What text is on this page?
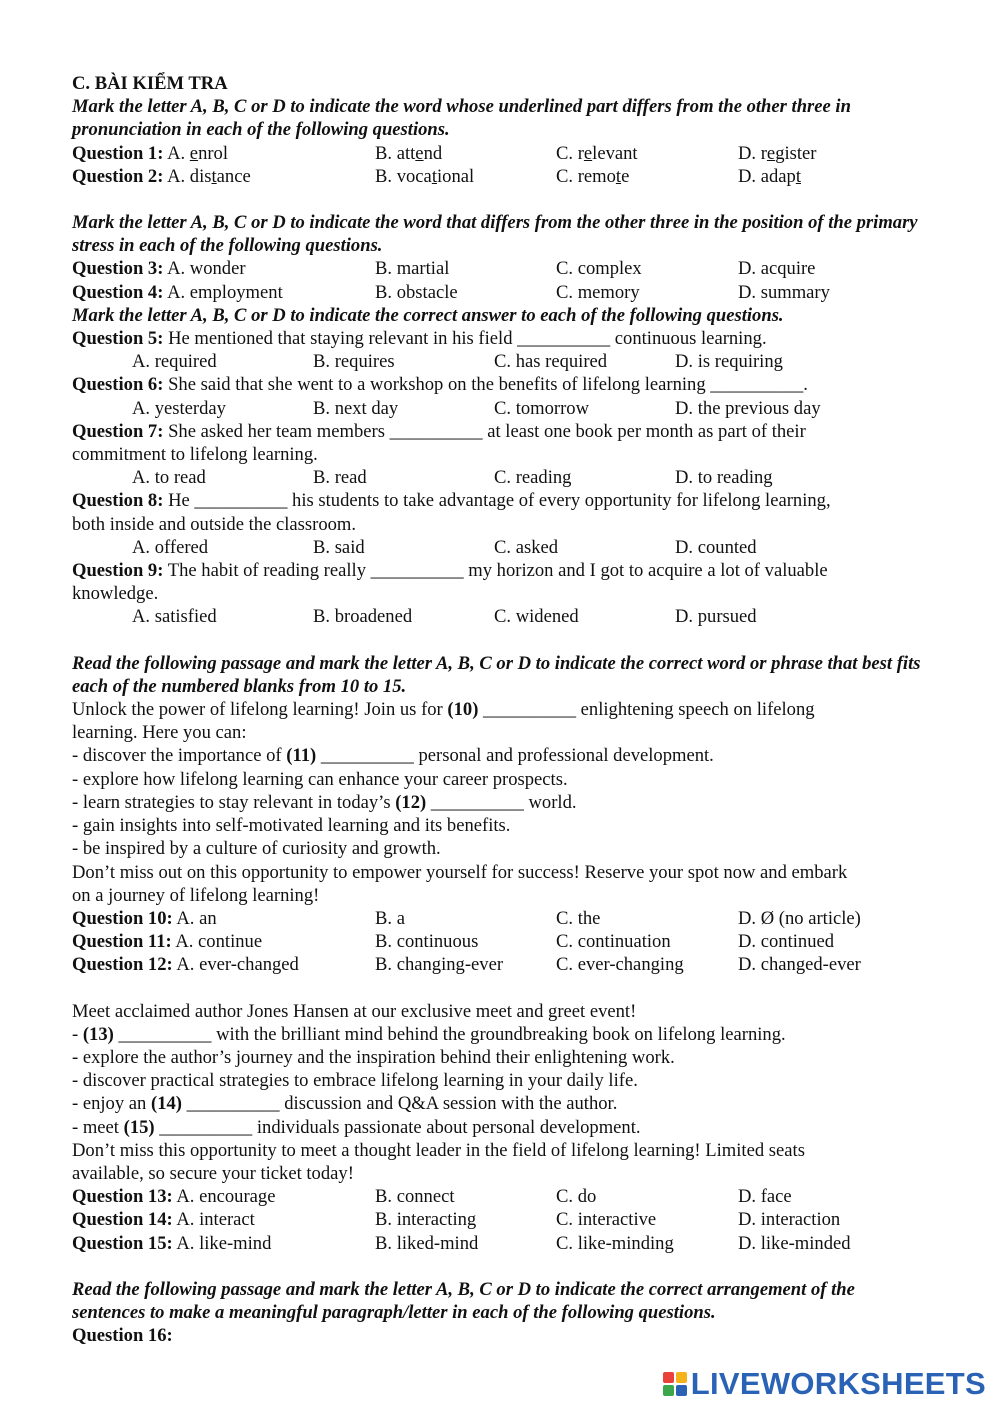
C. BÀI KIỂM TRA
Mark the letter A, B, C or D to indicate the word whose underlined part differs from the other three in pronunciation in each of the following questions.
Question 1: A. enrol	B. attend	C. relevant	D. register
Question 2: A. distance	B. vocational	C. remote	D. adapt
Mark the letter A, B, C or D to indicate the word that differs from the other three in the position of the primary stress in each of the following questions.
Question 3: A. wonder	B. martial	C. complex	D. acquire
Question 4: A. employment	B. obstacle	C. memory	D. summary
Mark the letter A, B, C or D to indicate the correct answer to each of the following questions.
Question 5: He mentioned that staying relevant in his field __________ continuous learning.
A. required	B. requires	C. has required	D. is requiring
Question 6: She said that she went to a workshop on the benefits of lifelong learning __________.
A. yesterday	B. next day	C. tomorrow	D. the previous day
Question 7: She asked her team members __________ at least one book per month as part of their
commitment to lifelong learning.
A. to read	B. read	C. reading	D. to reading
Question 8: He __________ his students to take advantage of every opportunity for lifelong learning,
both inside and outside the classroom.
A. offered	B. said	C. asked	D. counted
Question 9: The habit of reading really __________ my horizon and I got to acquire a lot of valuable
knowledge.
A. satisfied	B. broadened	C. widened	D. pursued
Read the following passage and mark the letter A, B, C or D to indicate the correct word or phrase that best fits each of the numbered blanks from 10 to 15.
Unlock the power of lifelong learning! Join us for (10) __________ enlightening speech on lifelong
learning. Here you can:
- discover the importance of (11) __________ personal and professional development.
- explore how lifelong learning can enhance your career prospects.
- learn strategies to stay relevant in today’s (12) __________ world.
- gain insights into self-motivated learning and its benefits.
- be inspired by a culture of curiosity and growth.
Don’t miss out on this opportunity to empower yourself for success! Reserve your spot now and embark
on a journey of lifelong learning!
Question 10: A. an	B. a	C. the	D. Ø (no article)
Question 11: A. continue	B. continuous	C. continuation	D. continued
Question 12: A. ever-changed	B. changing-ever	C. ever-changing	D. changed-ever
Meet acclaimed author Jones Hansen at our exclusive meet and greet event!
- (13) __________ with the brilliant mind behind the groundbreaking book on lifelong learning.
- explore the author’s journey and the inspiration behind their enlightening work.
- discover practical strategies to embrace lifelong learning in your daily life.
- enjoy an (14) __________ discussion and Q&A session with the author.
- meet (15) __________ individuals passionate about personal development.
Don’t miss this opportunity to meet a thought leader in the field of lifelong learning! Limited seats
available, so secure your ticket today!
Question 13: A. encourage	B. connect	C. do	D. face
Question 14: A. interact	B. interacting	C. interactive	D. interaction
Question 15: A. like-mind	B. liked-mind	C. like-minding	D. like-minded
Read the following passage and mark the letter A, B, C or D to indicate the correct arrangement of the sentences to make a meaningful paragraph/letter in each of the following questions.
Question 16:
LIVEWORKSHEETS
